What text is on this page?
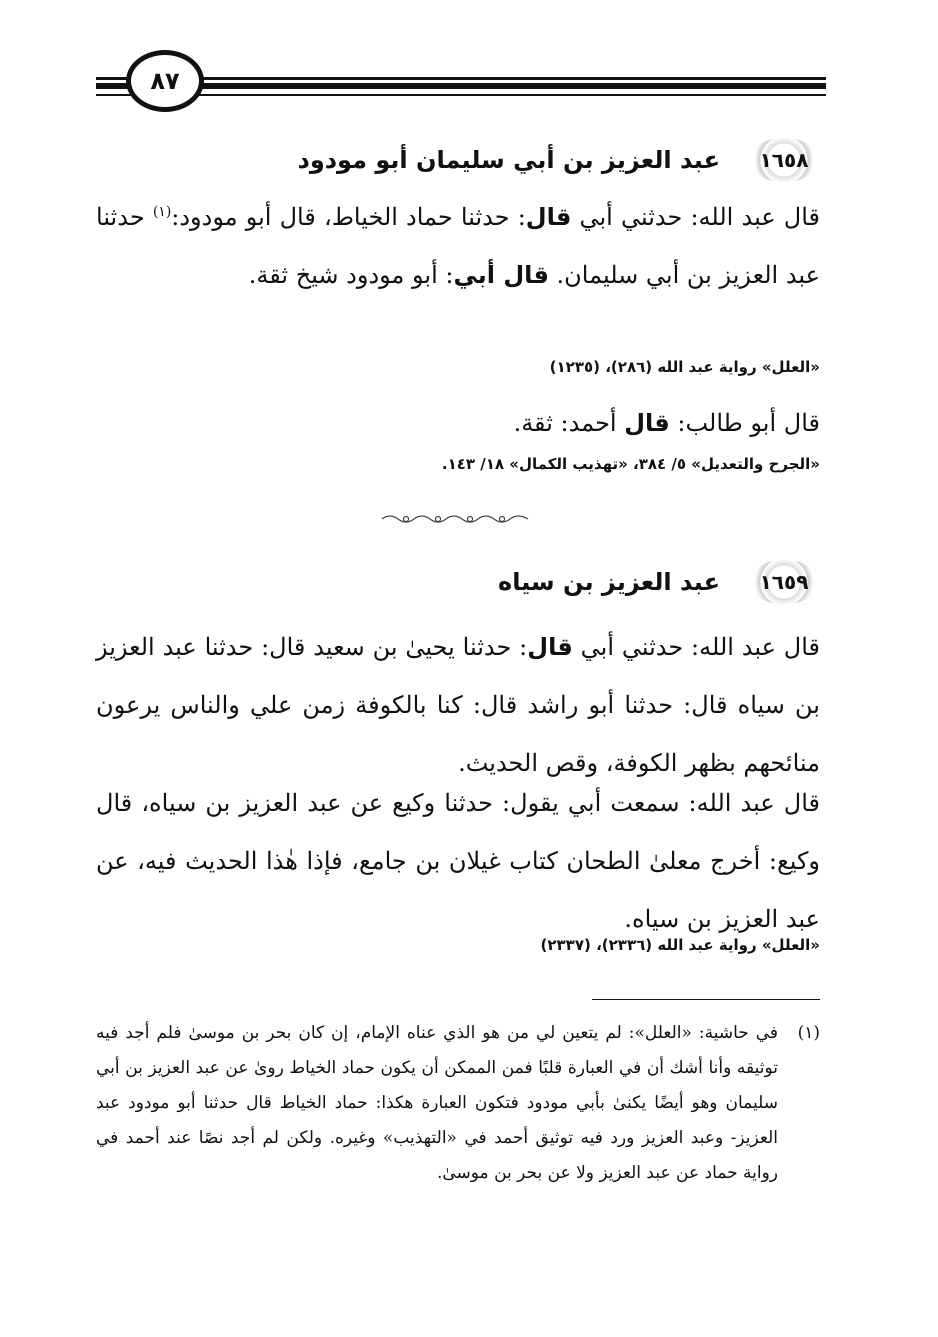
٨٧
١٦٥٨
عبد العزيز بن أبي سليمان أبو مودود
قال عبد الله: حدثني أبي قال: حدثنا حماد الخياط، قال أبو مودود:$^{(١)}$ حدثنا عبد العزيز بن أبي سليمان. قال أبي: أبو مودود شيخ ثقة.
«العلل» رواية عبد الله (٢٨٦)، (١٢٣٥)
قال أبو طالب: قال أحمد: ثقة.
«الجرح والتعديل» ٥/ ٣٨٤، «تهذيب الكمال» ١٨/ ١٤٣.
١٦٥٩
عبد العزيز بن سياه
قال عبد الله: حدثني أبي قال: حدثنا يحيىٰ بن سعيد قال: حدثنا عبد العزيز بن سياه قال: حدثنا أبو راشد قال: كنا بالكوفة زمن علي والناس يرعون منائحهم بظهر الكوفة، وقص الحديث.
قال عبد الله: سمعت أبي يقول: حدثنا وكيع عن عبد العزيز بن سياه، قال وكيع: أخرج معلىٰ الطحان كتاب غيلان بن جامع، فإذا هٰذا الحديث فيه، عن عبد العزيز بن سياه.
«العلل» رواية عبد الله (٢٣٣٦)، (٢٣٣٧)
(١)
في حاشية: «العلل»: لم يتعين لي من هو الذي عناه الإمام، إن كان بحر بن موسىٰ فلم أجد فيه توثيقه وأنا أشك أن في العبارة قلبًا فمن الممكن أن يكون حماد الخياط روىٰ عن عبد العزيز بن أبي سليمان وهو أيضًا يكنىٰ بأبي مودود فتكون العبارة هكذا: حماد الخياط قال حدثنا أبو مودود عبد العزيز- وعبد العزيز ورد فيه توثيق أحمد في «التهذيب» وغيره. ولكن لم أجد نصًا عند أحمد في رواية حماد عن عبد العزيز ولا عن بحر بن موسىٰ.
